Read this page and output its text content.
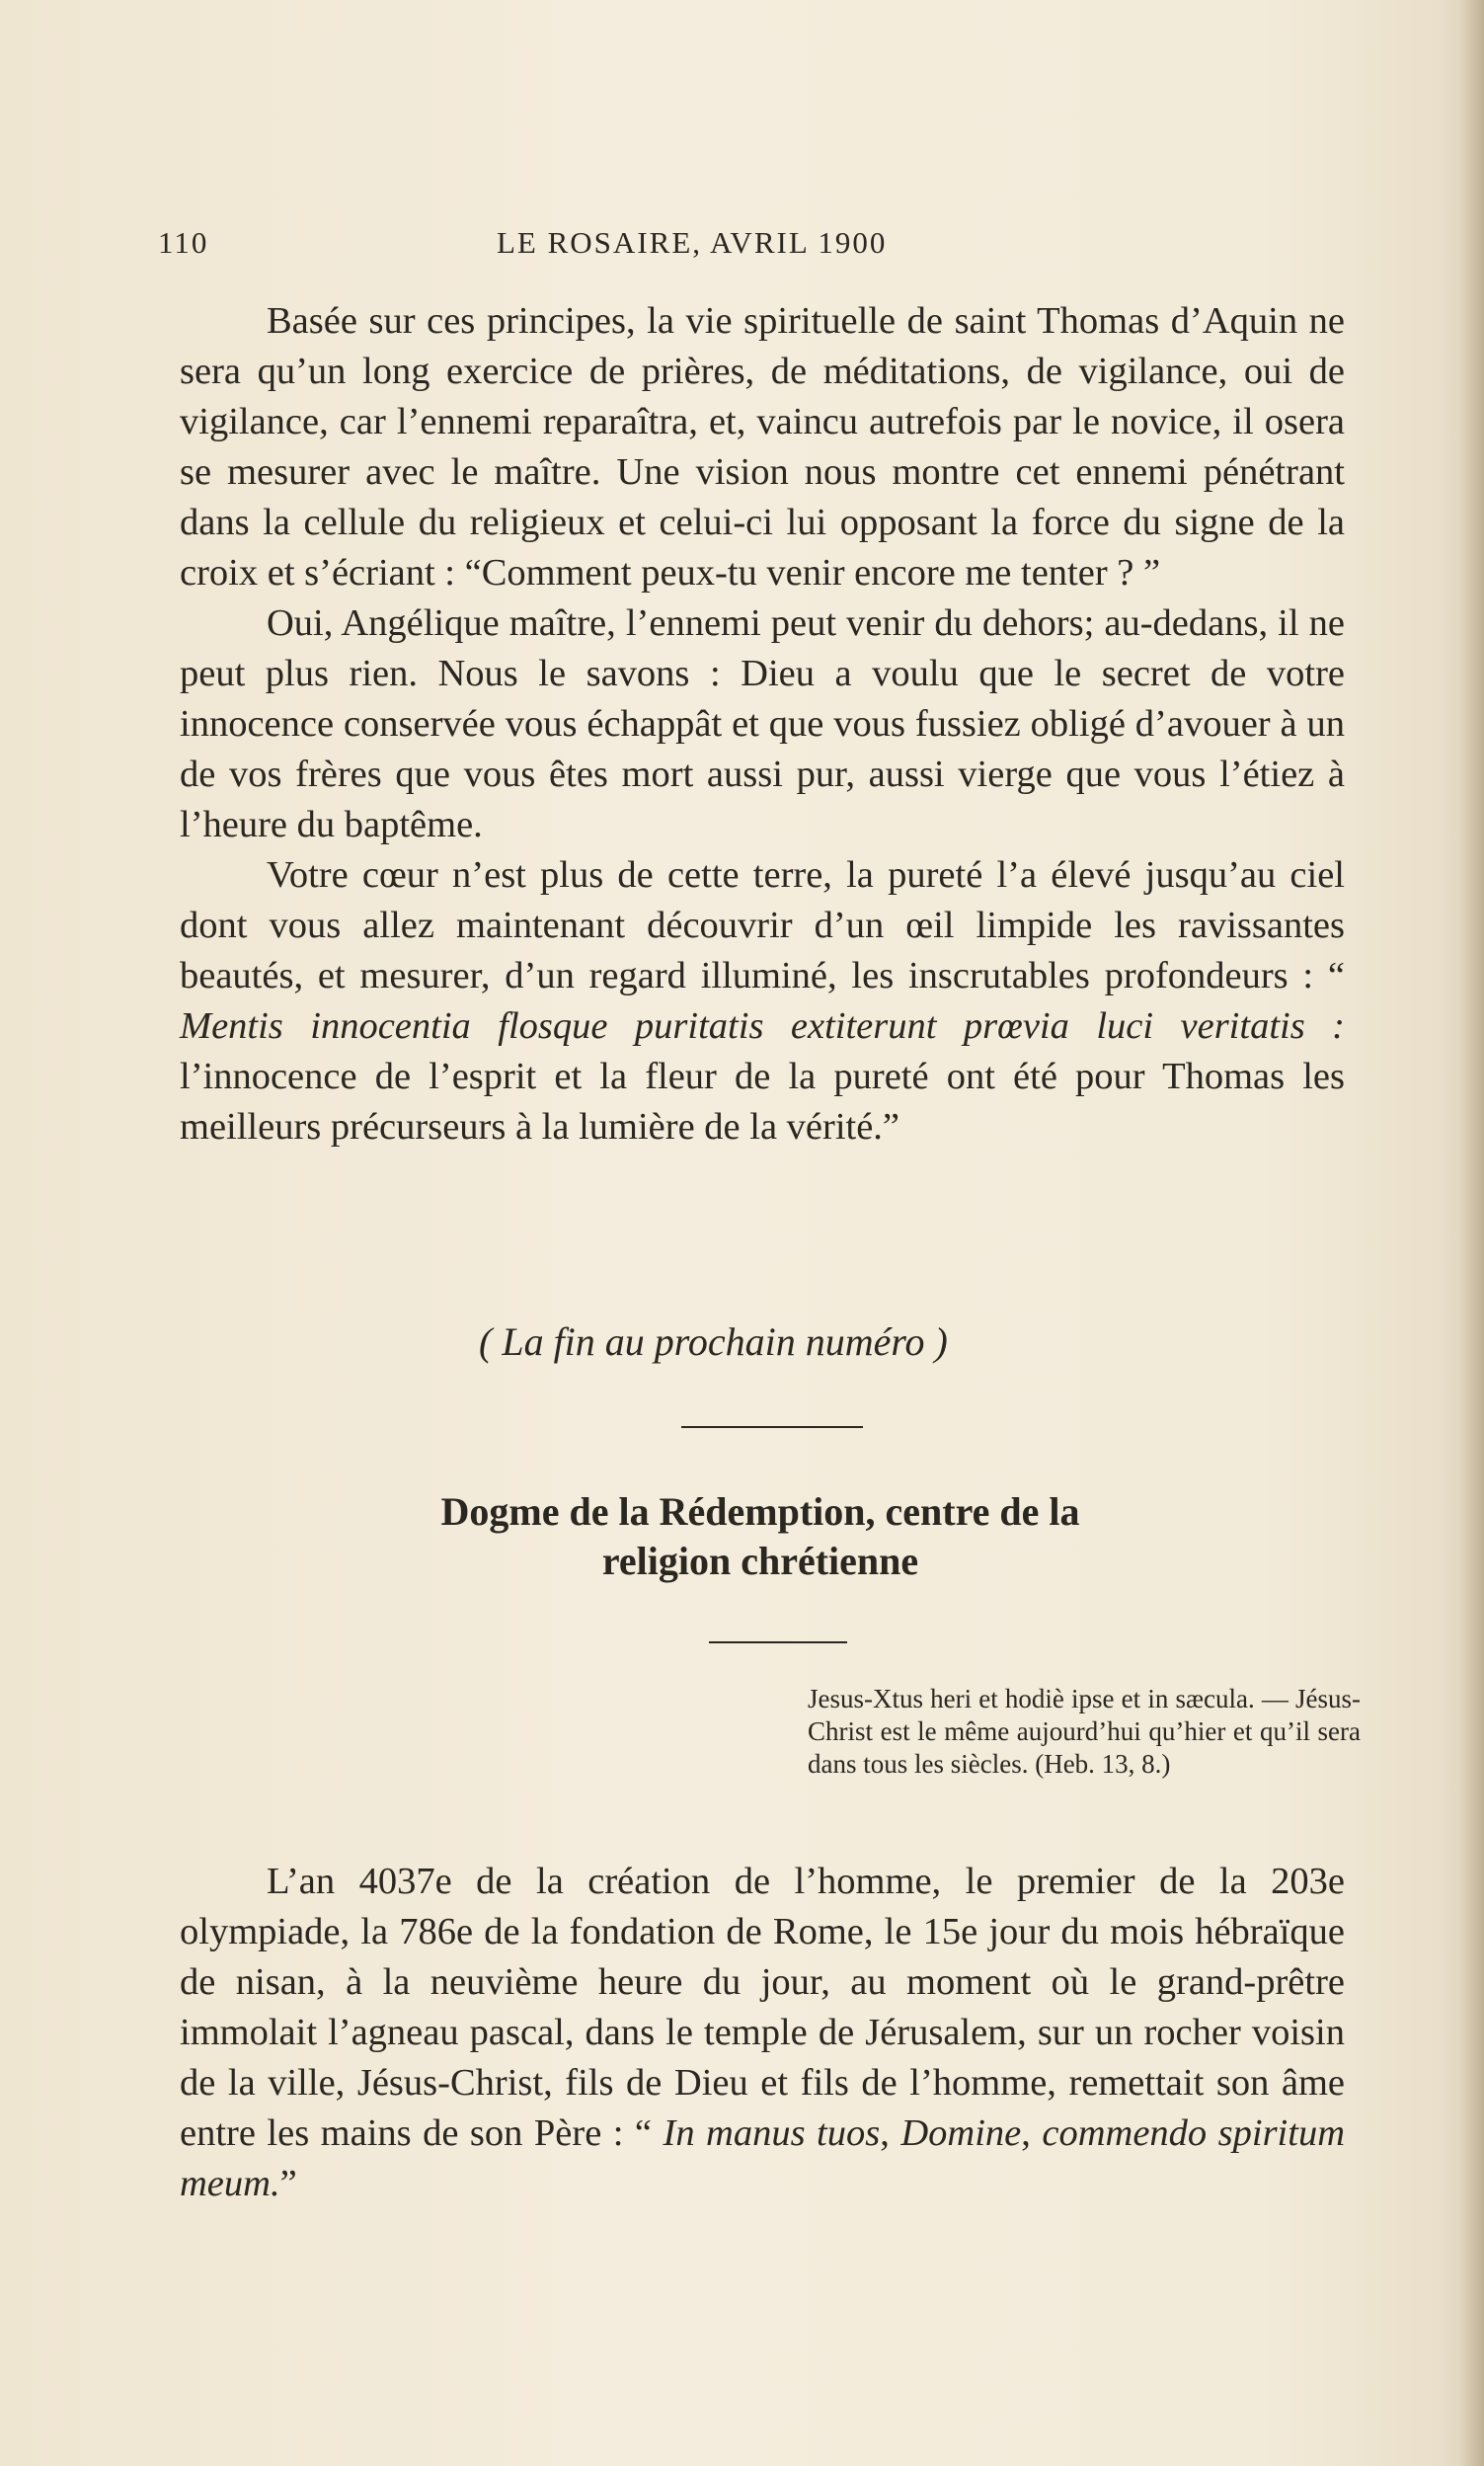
110	LE ROSAIRE, AVRIL 1900

Basée sur ces principes, la vie spirituelle de saint Thomas d’Aquin ne sera qu’un long exercice de prières, de méditations, de vigilance, oui de vigilance, car l’ennemi reparaîtra, et, vaincu autrefois par le novice, il osera se mesurer avec le maître. Une vision nous montre cet ennemi pénétrant dans la cellule du religieux et celui-ci lui opposant la force du signe de la croix et s’écriant : “Comment peux-tu venir encore me tenter ? ”

Oui, Angélique maître, l’ennemi peut venir du dehors; au-dedans, il ne peut plus rien. Nous le savons : Dieu a voulu que le secret de votre innocence conservée vous échappât et que vous fussiez obligé d’avouer à un de vos frères que vous êtes mort aussi pur, aussi vierge que vous l’étiez à l’heure du baptême.

Votre cœur n’est plus de cette terre, la pureté l’a élevé jusqu’au ciel dont vous allez maintenant découvrir d’un œil limpide les ravissantes beautés, et mesurer, d’un regard illuminé, les inscrutables profondeurs : “ Mentis innocentia flosque puritatis extiterunt prœvia luci veritatis : l’innocence de l’esprit et la fleur de la pureté ont été pour Thomas les meilleurs précurseurs à la lumière de la vérité.”

( La fin au prochain numéro )
Dogme de la Rédemption, centre de la
religion chrétienne
Jesus-Xtus heri et hodiè ipse et in sæcula. — Jésus-Christ est le même aujourd’hui qu’hier et qu’il sera dans tous les siècles. (Heb. 13, 8.)

L’an 4037e de la création de l’homme, le premier de la 203e olympiade, la 786e de la fondation de Rome, le 15e jour du mois hébraïque de nisan, à la neuvième heure du jour, au moment où le grand-prêtre immolait l’agneau pascal, dans le temple de Jérusalem, sur un rocher voisin de la ville, Jésus-Christ, fils de Dieu et fils de l’homme, remettait son âme entre les mains de son Père : “ In manus tuos, Domine, commendo spiritum meum.”
